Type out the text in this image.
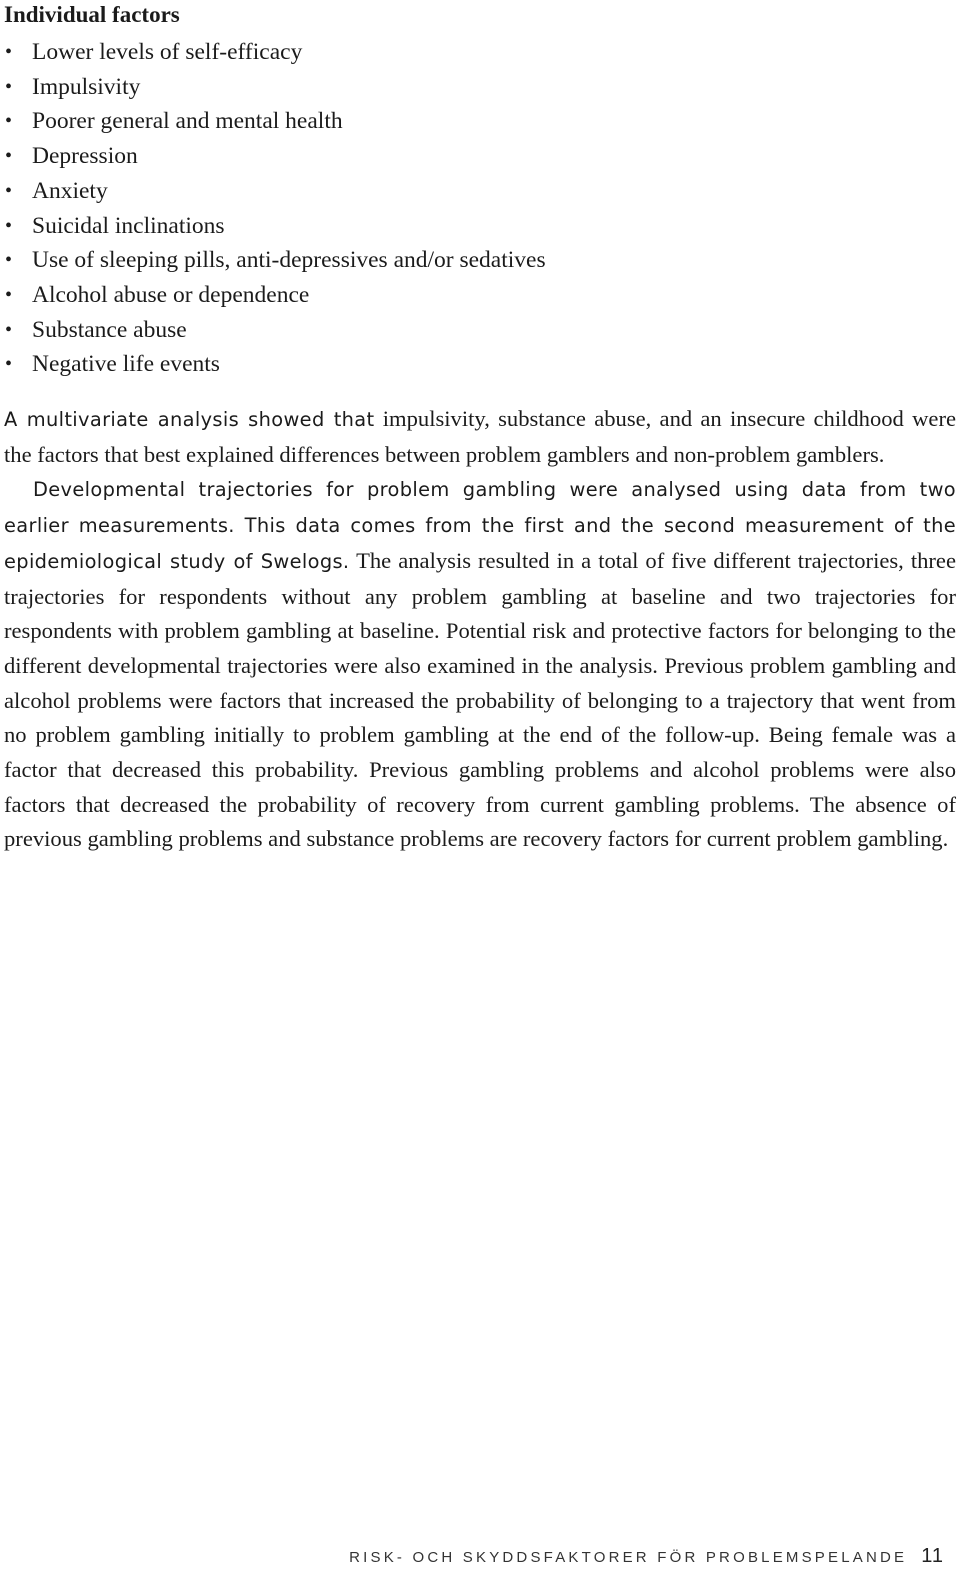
Individual factors
• Lower levels of self-efficacy
• Impulsivity
• Poorer general and mental health
• Depression
• Anxiety
• Suicidal inclinations
• Use of sleeping pills, anti-depressives and/or sedatives
• Alcohol abuse or dependence
• Substance abuse
• Negative life events

A multivariate analysis showed that impulsivity, substance abuse, and an insecure childhood were the factors that best explained differences between problem gamblers and non-problem gamblers.

Developmental trajectories for problem gambling were analysed using data from two earlier measurements. This data comes from the first and the second measurement of the epidemiological study of Swelogs. The analysis resulted in a total of five different trajectories, three trajectories for respondents without any problem gambling at baseline and two trajectories for respondents with problem gambling at baseline. Potential risk and protective factors for belonging to the different developmental trajectories were also examined in the analysis. Previous problem gambling and alcohol problems were factors that increased the probability of belonging to a trajectory that went from no problem gambling initially to problem gambling at the end of the follow-up. Being female was a factor that decreased this probability. Previous gambling problems and alcohol problems were also factors that decreased the probability of recovery from current gambling problems. The absence of previous gambling problems and substance problems are recovery factors for current problem gambling.

RISK- OCH SKYDDSFAKTORER FÖR PROBLEMSPELANDE 11
